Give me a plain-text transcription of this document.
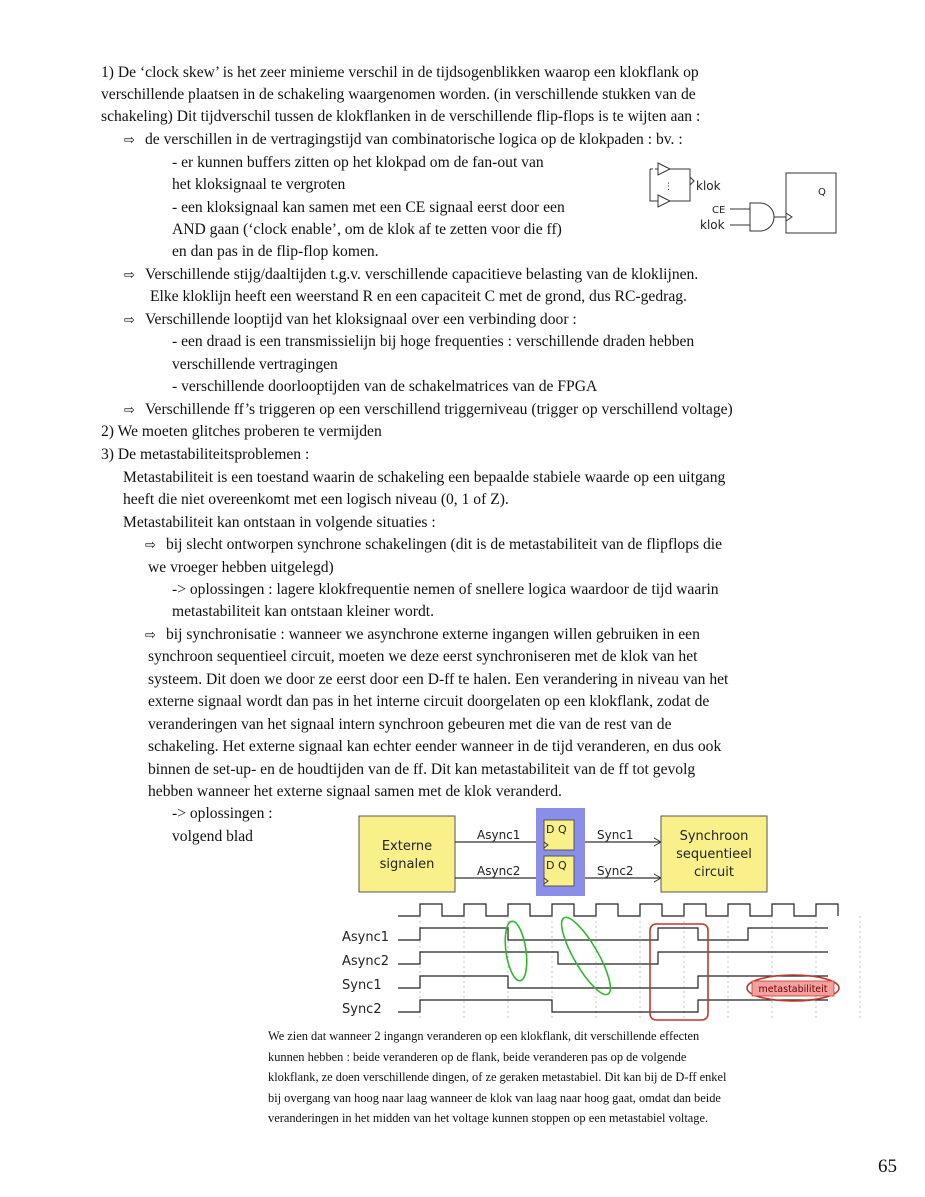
1) De ‘clock skew’ is het zeer minieme verschil in de tijdsogenblikken waarop een klokflank op
verschillende plaatsen in de schakeling waargenomen worden. (in verschillende stukken van de
schakeling) Dit tijdverschil tussen de klokflanken in de verschillende flip-flops is te wijten aan :
⇨ de verschillen in de vertragingstijd van combinatorische logica op de klokpaden : bv. :
- er kunnen buffers zitten op het klokpad om de fan-out van
het kloksignaal te vergroten
- een kloksignaal kan samen met een CE signaal eerst door een
AND gaan (‘clock enable’, om de klok af te zetten voor die ff)
en dan pas in de flip-flop komen.
⇨ Verschillende stijg/daaltijden t.g.v. verschillende capacitieve belasting van de kloklijnen.
Elke kloklijn heeft een weerstand R en een capaciteit C met de grond, dus RC-gedrag.
⇨ Verschillende looptijd van het kloksignaal over een verbinding door :
- een draad is een transmissielijn bij hoge frequenties : verschillende draden hebben
verschillende vertragingen
- verschillende doorlooptijden van de schakelmatrices van de FPGA
⇨ Verschillende ff’s triggeren op een verschillend triggerniveau (trigger op verschillend voltage)
2) We moeten glitches proberen te vermijden
3) De metastabiliteitsproblemen :
Metastabiliteit is een toestand waarin de schakeling een bepaalde stabiele waarde op een uitgang
heeft die niet overeenkomt met een logisch niveau (0, 1 of Z).
Metastabiliteit kan ontstaan in volgende situaties :
⇨ bij slecht ontworpen synchrone schakelingen (dit is de metastabiliteit van de flipflops die
we vroeger hebben uitgelegd)
-> oplossingen : lagere klokfrequentie nemen of snellere logica waardoor de tijd waarin
metastabiliteit kan ontstaan kleiner wordt.
⇨ bij synchronisatie : wanneer we asynchrone externe ingangen willen gebruiken in een
synchroon sequentieel circuit, moeten we deze eerst synchroniseren met de klok van het
systeem. Dit doen we door ze eerst door een D-ff te halen. Een verandering in niveau van het
externe signaal wordt dan pas in het interne circuit doorgelaten op een klokflank, zodat de
veranderingen van het signaal intern synchroon gebeuren met die van de rest van de
schakeling. Het externe signaal kan echter eender wanneer in de tijd veranderen, en dus ook
binnen de set-up- en de houdtijden van de ff. Dit kan metastabiliteit van de ff tot gevolg
hebben wanneer het externe signaal samen met de klok veranderd.
-> oplossingen :
volgend blad
⋮ klok
CE
klok
Q
Externe
signalen
Async1
Async2
D Q
D Q
Sync1
Sync2
Synchroon
sequentieel
circuit
Async1
Async2
Sync1
Sync2
metastabiliteit
We zien dat wanneer 2 ingangn veranderen op een klokflank, dit verschillende effecten
kunnen hebben : beide veranderen op de flank, beide veranderen pas op de volgende
klokflank, ze doen verschillende dingen, of ze geraken metastabiel. Dit kan bij de D-ff enkel
bij overgang van hoog naar laag wanneer de klok van laag naar hoog gaat, omdat dan beide
veranderingen in het midden van het voltage kunnen stoppen op een metastabiel voltage.
65
